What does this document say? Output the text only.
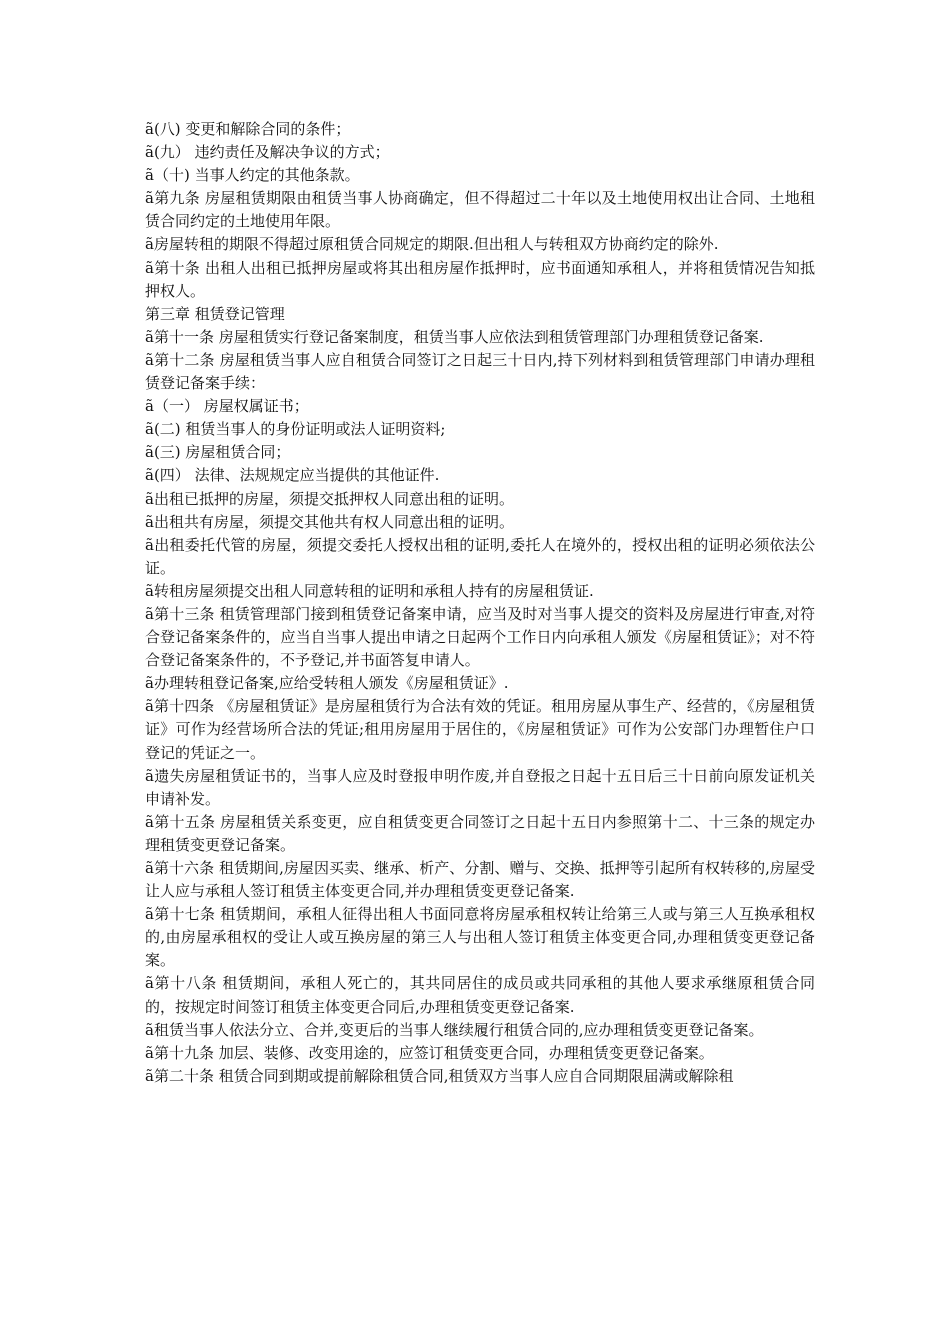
ã(八) 变更和解除合同的条件；

ã(九） 违约责任及解决争议的方式；

ã（十) 当事人约定的其他条款。

ã第九条 房屋租赁期限由租赁当事人协商确定，但不得超过二十年以及土地使用权出让合同、土地租赁合同约定的土地使用年限。

ã房屋转租的期限不得超过原租赁合同规定的期限.但出租人与转租双方协商约定的除外.

ã第十条 出租人出租已抵押房屋或将其出租房屋作抵押时，应书面通知承租人，并将租赁情况告知抵押权人。

第三章 租赁登记管理

ã第十一条 房屋租赁实行登记备案制度，租赁当事人应依法到租赁管理部门办理租赁登记备案.

ã第十二条 房屋租赁当事人应自租赁合同签订之日起三十日内,持下列材料到租赁管理部门申请办理租赁登记备案手续：

ã（一） 房屋权属证书；

ã(二) 租赁当事人的身份证明或法人证明资料;

ã(三) 房屋租赁合同；

ã(四） 法律、法规规定应当提供的其他证件.

ã出租已抵押的房屋，须提交抵押权人同意出租的证明。

ã出租共有房屋，须提交其他共有权人同意出租的证明。

ã出租委托代管的房屋，须提交委托人授权出租的证明,委托人在境外的，授权出租的证明必须依法公证。

ã转租房屋须提交出租人同意转租的证明和承租人持有的房屋租赁证.

ã第十三条 租赁管理部门接到租赁登记备案申请，应当及时对当事人提交的资料及房屋进行审查,对符合登记备案条件的，应当自当事人提出申请之日起两个工作日内向承租人颁发《房屋租赁证》；对不符合登记备案条件的，不予登记,并书面答复申请人。

ã办理转租登记备案,应给受转租人颁发《房屋租赁证》.

ã第十四条 《房屋租赁证》是房屋租赁行为合法有效的凭证。租用房屋从事生产、经营的，《房屋租赁证》可作为经营场所合法的凭证;租用房屋用于居住的，《房屋租赁证》可作为公安部门办理暂住户口登记的凭证之一。

ã遗失房屋租赁证书的，当事人应及时登报申明作废,并自登报之日起十五日后三十日前向原发证机关申请补发。

ã第十五条 房屋租赁关系变更，应自租赁变更合同签订之日起十五日内参照第十二、十三条的规定办理租赁变更登记备案。

ã第十六条 租赁期间,房屋因买卖、继承、析产、分割、赠与、交换、抵押等引起所有权转移的,房屋受让人应与承租人签订租赁主体变更合同,并办理租赁变更登记备案.

ã第十七条 租赁期间，承租人征得出租人书面同意将房屋承租权转让给第三人或与第三人互换承租权的,由房屋承租权的受让人或互换房屋的第三人与出租人签订租赁主体变更合同,办理租赁变更登记备案。

ã第十八条 租赁期间，承租人死亡的，其共同居住的成员或共同承租的其他人要求承继原租赁合同的，按规定时间签订租赁主体变更合同后,办理租赁变更登记备案.

ã租赁当事人依法分立、合并,变更后的当事人继续履行租赁合同的,应办理租赁变更登记备案。

ã第十九条 加层、装修、改变用途的，应签订租赁变更合同，办理租赁变更登记备案。

ã第二十条 租赁合同到期或提前解除租赁合同,租赁双方当事人应自合同期限届满或解除租
